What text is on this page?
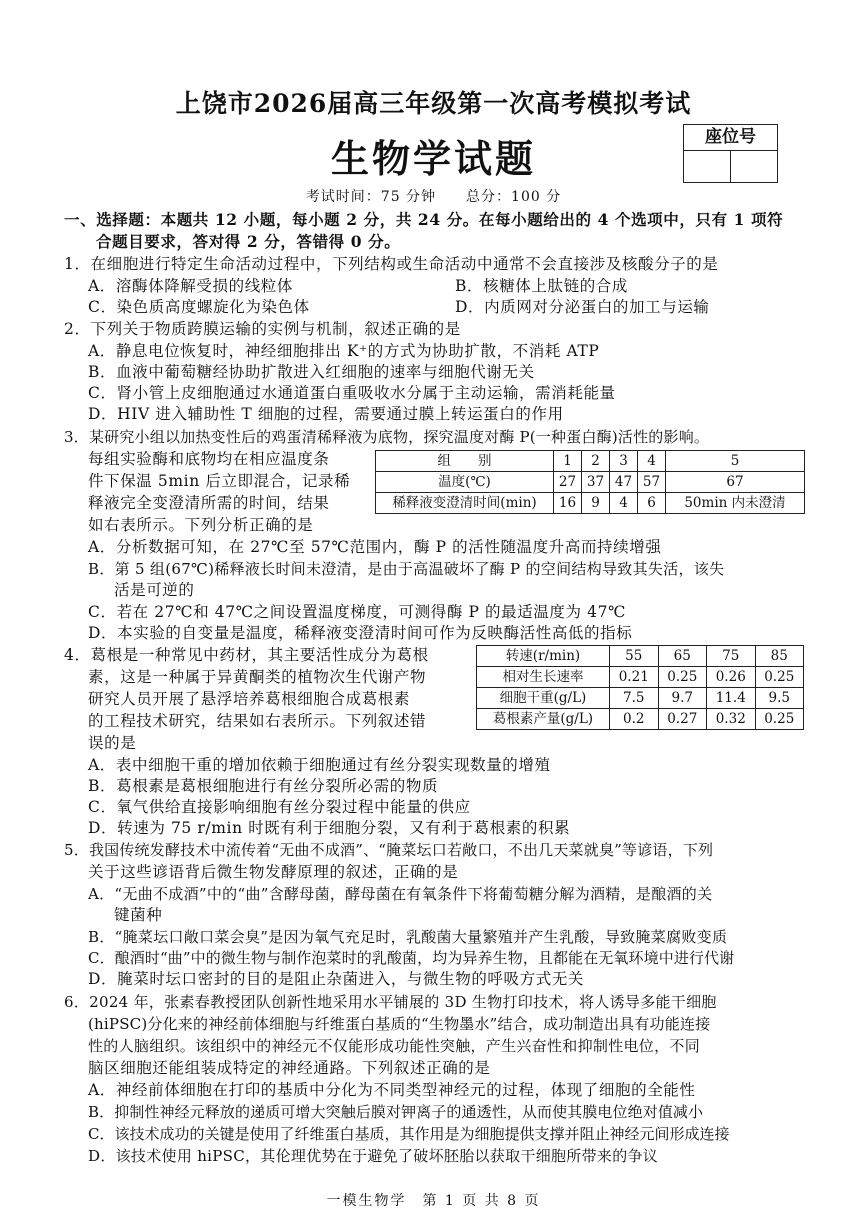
上饶市2026届高三年级第一次高考模拟考试
生物学试题	座位号
考试时间：75 分钟　　总分：100 分
一、选择题：本题共 12 小题，每小题 2 分，共 24 分。在每小题给出的 4 个选项中，只有 1 项符
合题目要求，答对得 2 分，答错得 0 分。
1．在细胞进行特定生命活动过程中，下列结构或生命活动中通常不会直接涉及核酸分子的是
A．溶酶体降解受损的线粒体	B．核糖体上肽链的合成
C．染色质高度螺旋化为染色体	D．内质网对分泌蛋白的加工与运输
2．下列关于物质跨膜运输的实例与机制，叙述正确的是
A．静息电位恢复时，神经细胞排出 K⁺的方式为协助扩散，不消耗 ATP
B．血液中葡萄糖经协助扩散进入红细胞的速率与细胞代谢无关
C．肾小管上皮细胞通过水通道蛋白重吸收水分属于主动运输，需消耗能量
D．HIV 进入辅助性 T 细胞的过程，需要通过膜上转运蛋白的作用
3．某研究小组以加热变性后的鸡蛋清稀释液为底物，探究温度对酶 P(一种蛋白酶)活性的影响。
每组实验酶和底物均在相应温度条
件下保温 5min 后立即混合，记录稀
释液完全变澄清所需的时间，结果
如右表所示。下列分析正确的是
组　　别	1	2	3	4	5
温度(℃)	27	37	47	57	67
稀释液变澄清时间(min)	16	9	4	6	50min 内未澄清
A．分析数据可知，在 27℃至 57℃范围内，酶 P 的活性随温度升高而持续增强
B．第 5 组(67℃)稀释液长时间未澄清，是由于高温破坏了酶 P 的空间结构导致其失活，该失
活是可逆的
C．若在 27℃和 47℃之间设置温度梯度，可测得酶 P 的最适温度为 47℃
D．本实验的自变量是温度，稀释液变澄清时间可作为反映酶活性高低的指标
4．葛根是一种常见中药材，其主要活性成分为葛根
素，这是一种属于异黄酮类的植物次生代谢产物
研究人员开展了悬浮培养葛根细胞合成葛根素
的工程技术研究，结果如右表所示。下列叙述错
误的是
转速(r/min)	55	65	75	85
相对生长速率	0.21	0.25	0.26	0.25
细胞干重(g/L)	7.5	9.7	11.4	9.5
葛根素产量(g/L)	0.2	0.27	0.32	0.25
A．表中细胞干重的增加依赖于细胞通过有丝分裂实现数量的增殖
B．葛根素是葛根细胞进行有丝分裂所必需的物质
C．氧气供给直接影响细胞有丝分裂过程中能量的供应
D．转速为 75 r/min 时既有利于细胞分裂，又有利于葛根素的积累
5．我国传统发酵技术中流传着“无曲不成酒”、“腌菜坛口若敞口，不出几天菜就臭”等谚语，下列
关于这些谚语背后微生物发酵原理的叙述，正确的是
A．“无曲不成酒”中的“曲”含酵母菌，酵母菌在有氧条件下将葡萄糖分解为酒精，是酿酒的关
键菌种
B．“腌菜坛口敞口菜会臭”是因为氧气充足时，乳酸菌大量繁殖并产生乳酸，导致腌菜腐败变质
C．酿酒时“曲”中的微生物与制作泡菜时的乳酸菌，均为异养生物，且都能在无氧环境中进行代谢
D．腌菜时坛口密封的目的是阻止杂菌进入，与微生物的呼吸方式无关
6．2024 年，张素春教授团队创新性地采用水平铺展的 3D 生物打印技术，将人诱导多能干细胞
(hiPSC)分化来的神经前体细胞与纤维蛋白基质的“生物墨水”结合，成功制造出具有功能连接
性的人脑组织。该组织中的神经元不仅能形成功能性突触，产生兴奋性和抑制性电位，不同
脑区细胞还能组装成特定的神经通路。下列叙述正确的是
A．神经前体细胞在打印的基质中分化为不同类型神经元的过程，体现了细胞的全能性
B．抑制性神经元释放的递质可增大突触后膜对钾离子的通透性，从而使其膜电位绝对值减小
C．该技术成功的关键是使用了纤维蛋白基质，其作用是为细胞提供支撑并阻止神经元间形成连接
D．该技术使用 hiPSC，其伦理优势在于避免了破坏胚胎以获取干细胞所带来的争议
一模生物学　第 1 页 共 8 页
